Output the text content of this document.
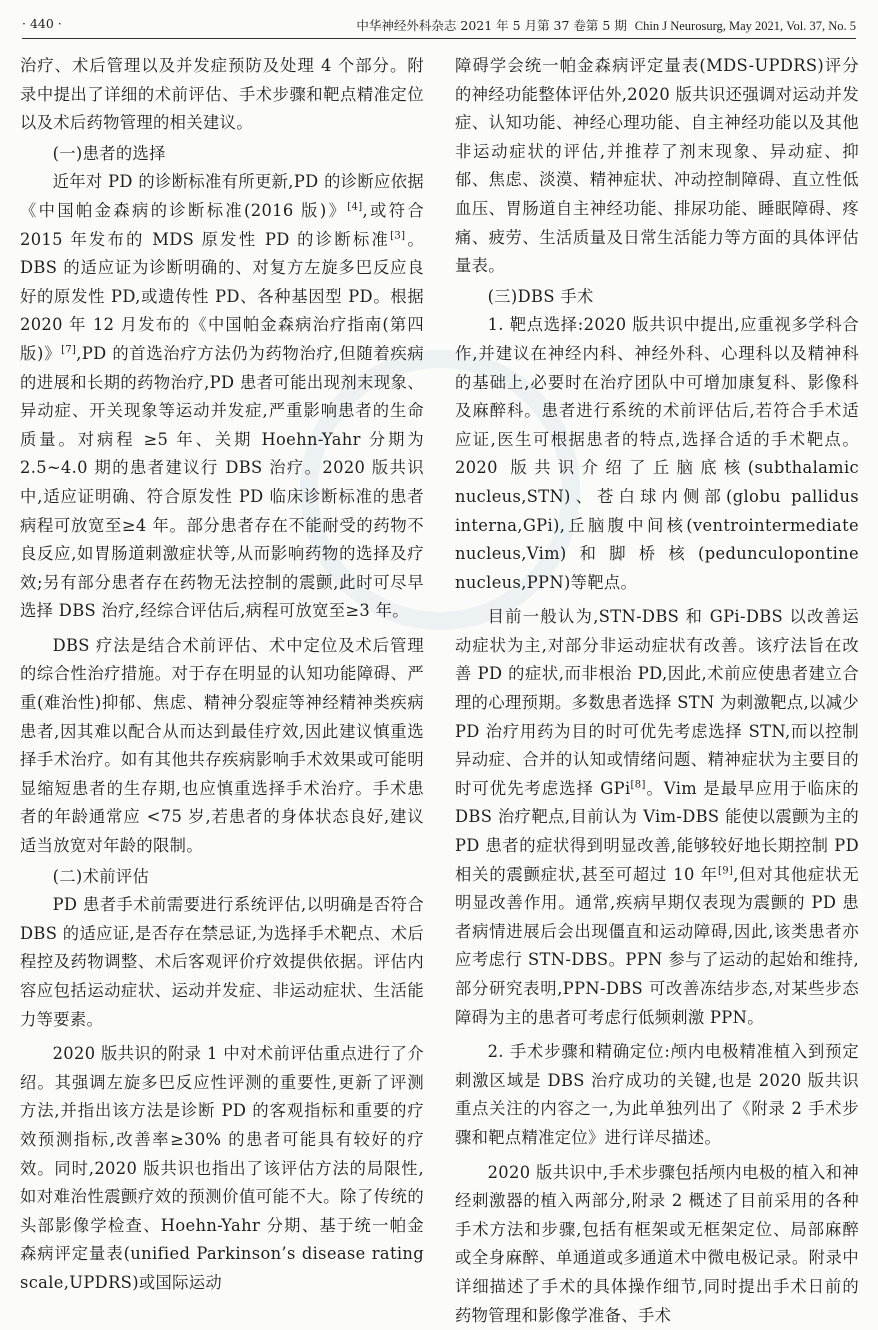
· 440 ·	中华神经外科杂志 2021 年 5 月第 37 卷第 5 期 Chin J Neurosurg, May 2021, Vol. 37, No. 5

治疗、术后管理以及并发症预防及处理 4 个部分。附录中提出了详细的术前评估、手术步骤和靶点精准定位以及术后药物管理的相关建议。

(一)患者的选择

近年对 PD 的诊断标准有所更新,PD 的诊断应依据《中国帕金森病的诊断标准(2016 版)》[4],或符合 2015 年发布的 MDS 原发性 PD 的诊断标准[3]。DBS 的适应证为诊断明确的、对复方左旋多巴反应良好的原发性 PD,或遗传性 PD、各种基因型 PD。根据 2020 年 12 月发布的《中国帕金森病治疗指南(第四版)》[7],PD 的首选治疗方法仍为药物治疗,但随着疾病的进展和长期的药物治疗,PD 患者可能出现剂末现象、异动症、开关现象等运动并发症,严重影响患者的生命质量。对病程 ≥5 年、关期 Hoehn-Yahr 分期为 2.5~4.0 期的患者建议行 DBS 治疗。2020 版共识中,适应证明确、符合原发性 PD 临床诊断标准的患者病程可放宽至≥4 年。部分患者存在不能耐受的药物不良反应,如胃肠道刺激症状等,从而影响药物的选择及疗效;另有部分患者存在药物无法控制的震颤,此时可尽早选择 DBS 治疗,经综合评估后,病程可放宽至≥3 年。

DBS 疗法是结合术前评估、术中定位及术后管理的综合性治疗措施。对于存在明显的认知功能障碍、严重(难治性)抑郁、焦虑、精神分裂症等神经精神类疾病患者,因其难以配合从而达到最佳疗效,因此建议慎重选择手术治疗。如有其他共存疾病影响手术效果或可能明显缩短患者的生存期,也应慎重选择手术治疗。手术患者的年龄通常应 <75 岁,若患者的身体状态良好,建议适当放宽对年龄的限制。

(二)术前评估

PD 患者手术前需要进行系统评估,以明确是否符合 DBS 的适应证,是否存在禁忌证,为选择手术靶点、术后程控及药物调整、术后客观评价疗效提供依据。评估内容应包括运动症状、运动并发症、非运动症状、生活能力等要素。

2020 版共识的附录 1 中对术前评估重点进行了介绍。其强调左旋多巴反应性评测的重要性,更新了评测方法,并指出该方法是诊断 PD 的客观指标和重要的疗效预测指标,改善率≥30% 的患者可能具有较好的疗效。同时,2020 版共识也指出了该评估方法的局限性,如对难治性震颤疗效的预测价值可能不大。除了传统的头部影像学检查、Hoehn-Yahr 分期、基于统一帕金森病评定量表(unified Parkinson’s disease rating scale,UPDRS)或国际运动

障碍学会统一帕金森病评定量表(MDS-UPDRS)评分的神经功能整体评估外,2020 版共识还强调对运动并发症、认知功能、神经心理功能、自主神经功能以及其他非运动症状的评估,并推荐了剂末现象、异动症、抑郁、焦虑、淡漠、精神症状、冲动控制障碍、直立性低血压、胃肠道自主神经功能、排尿功能、睡眠障碍、疼痛、疲劳、生活质量及日常生活能力等方面的具体评估量表。

(三)DBS 手术

1. 靶点选择:2020 版共识中提出,应重视多学科合作,并建议在神经内科、神经外科、心理科以及精神科的基础上,必要时在治疗团队中可增加康复科、影像科及麻醉科。患者进行系统的术前评估后,若符合手术适应证,医生可根据患者的特点,选择合适的手术靶点。2020 版共识介绍了丘脑底核(subthalamic nucleus,STN)、苍白球内侧部(globu pallidus interna,GPi),丘脑腹中间核(ventrointermediate nucleus,Vim)和脚桥核(pedunculopontine nucleus,PPN)等靶点。

目前一般认为,STN-DBS 和 GPi-DBS 以改善运动症状为主,对部分非运动症状有改善。该疗法旨在改善 PD 的症状,而非根治 PD,因此,术前应使患者建立合理的心理预期。多数患者选择 STN 为刺激靶点,以减少 PD 治疗用药为目的时可优先考虑选择 STN,而以控制异动症、合并的认知或情绪问题、精神症状为主要目的时可优先考虑选择 GPi[8]。Vim 是最早应用于临床的 DBS 治疗靶点,目前认为 Vim-DBS 能使以震颤为主的 PD 患者的症状得到明显改善,能够较好地长期控制 PD 相关的震颤症状,甚至可超过 10 年[9],但对其他症状无明显改善作用。通常,疾病早期仅表现为震颤的 PD 患者病情进展后会出现僵直和运动障碍,因此,该类患者亦应考虑行 STN-DBS。PPN 参与了运动的起始和维持,部分研究表明,PPN-DBS 可改善冻结步态,对某些步态障碍为主的患者可考虑行低频刺激 PPN。

2. 手术步骤和精确定位:颅内电极精准植入到预定刺激区域是 DBS 治疗成功的关键,也是 2020 版共识重点关注的内容之一,为此单独列出了《附录 2 手术步骤和靶点精准定位》进行详尽描述。

2020 版共识中,手术步骤包括颅内电极的植入和神经刺激器的植入两部分,附录 2 概述了目前采用的各种手术方法和步骤,包括有框架或无框架定位、局部麻醉或全身麻醉、单通道或多通道术中微电极记录。附录中详细描述了手术的具体操作细节,同时提出手术日前的药物管理和影像学准备、手术
